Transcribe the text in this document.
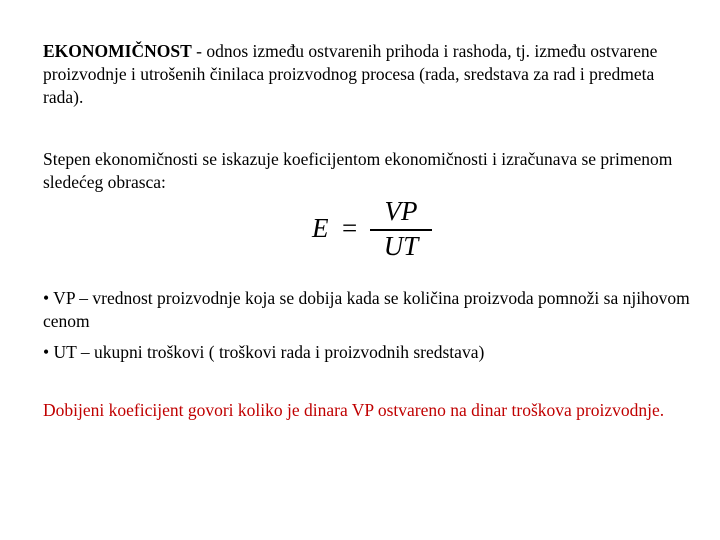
EKONOMIČNOST - odnos između ostvarenih prihoda i rashoda, tj. između ostvarene proizvodnje i utrošenih činilaca proizvodnog procesa (rada, sredstava za rad i predmeta rada).
Stepen ekonomičnosti se iskazuje koeficijentom ekonomičnosti i izračunava se primenom sledećeg obrasca:
E =
VP
UT
• VP – vrednost proizvodnje koja se dobija kada se količina proizvoda pomnoži sa njihovom cenom
• UT – ukupni troškovi ( troškovi rada i proizvodnih sredstava)
Dobijeni koeficijent govori koliko je dinara VP ostvareno na dinar troškova proizvodnje.
